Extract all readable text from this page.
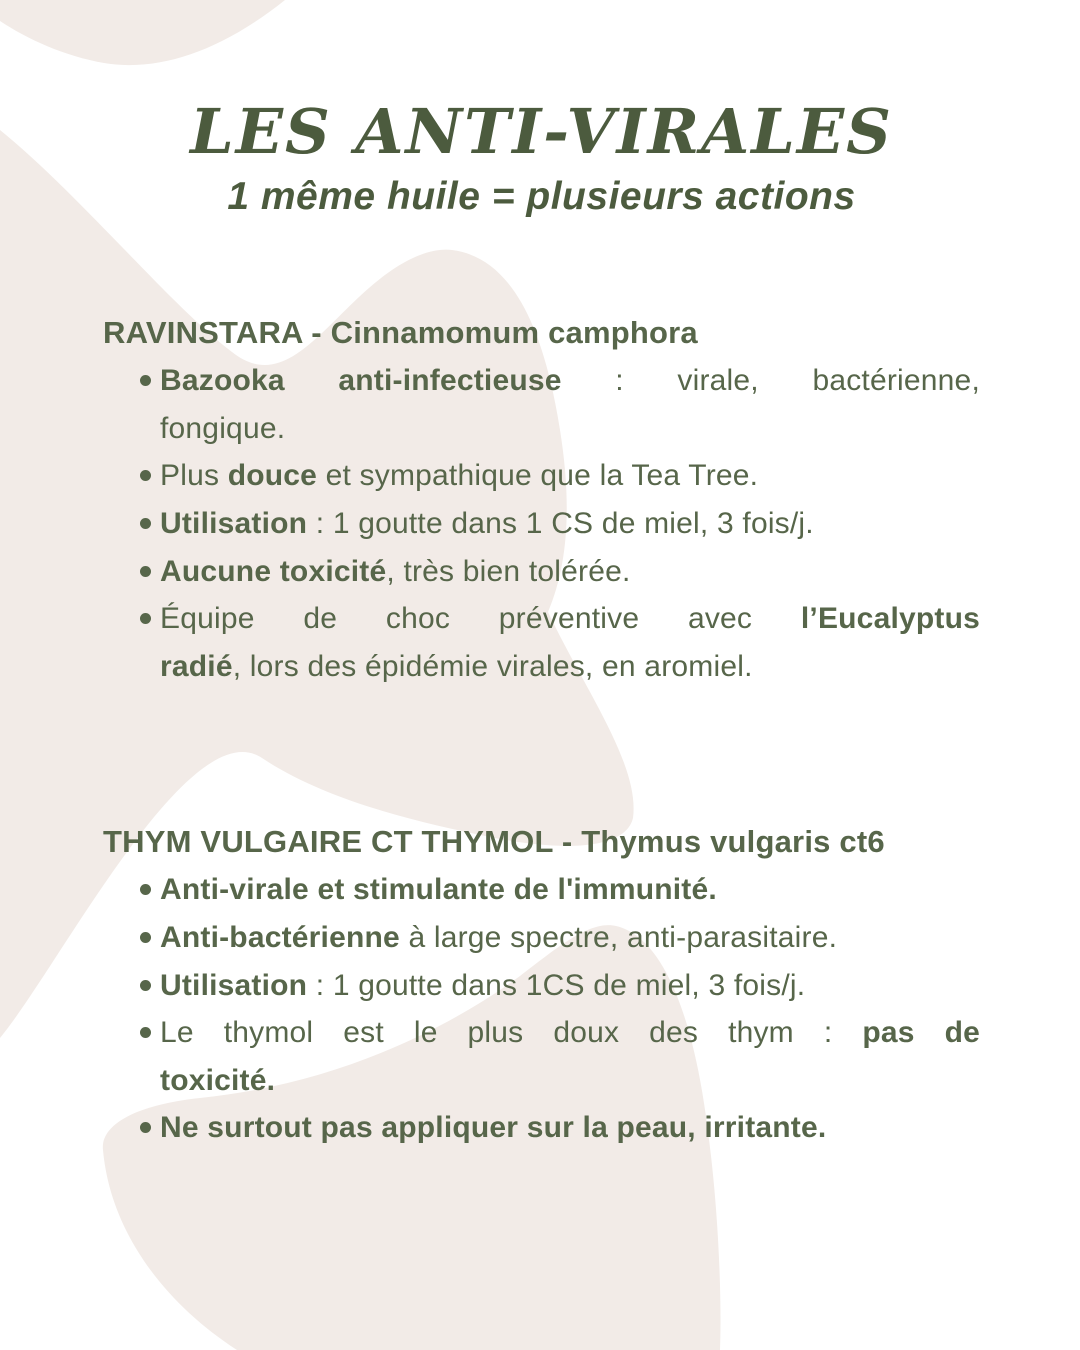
LES ANTI-VIRALES

1 même huile = plusieurs actions

RAVINSTARA - Cinnamomum camphora
Bazooka anti-infectieuse : virale, bactérienne,
fongique.
Plus douce et sympathique que la Tea Tree.
Utilisation : 1 goutte dans 1 CS de miel, 3 fois/j.
Aucune toxicité, très bien tolérée.
Équipe de choc préventive avec l’Eucalyptus
radié, lors des épidémie virales, en aromiel.
THYM VULGAIRE CT THYMOL - Thymus vulgaris ct6
Anti-virale et stimulante de l'immunité.
Anti-bactérienne à large spectre, anti-parasitaire.
Utilisation : 1 goutte dans 1CS de miel, 3 fois/j.
Le thymol est le plus doux des thym : pas de
toxicité.
Ne surtout pas appliquer sur la peau, irritante.
